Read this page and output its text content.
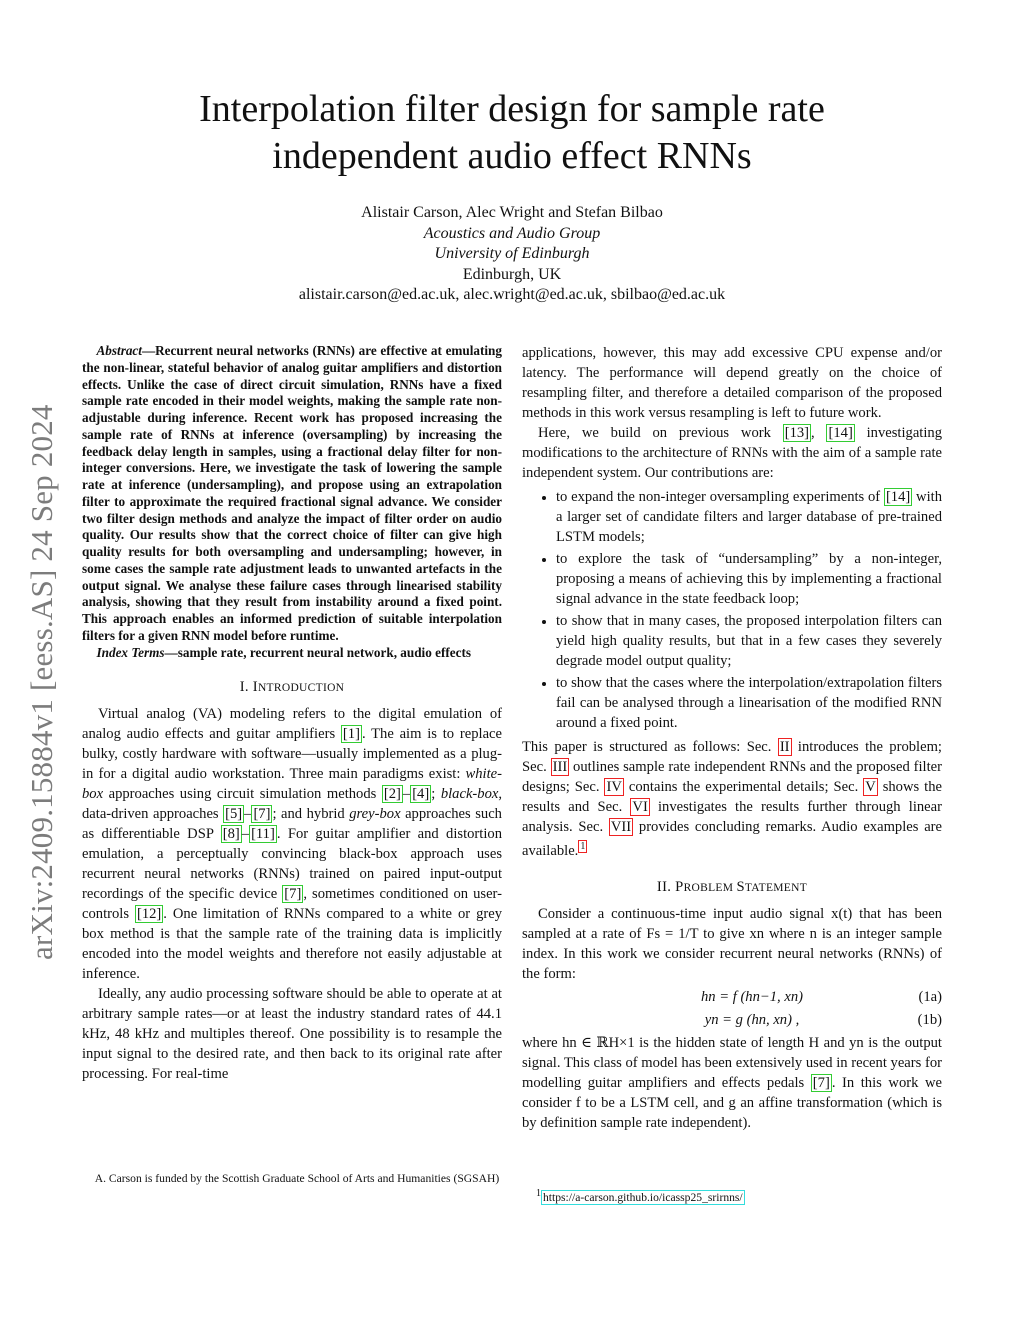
arXiv:2409.15884v1 [eess.AS] 24 Sep 2024
Interpolation filter design for sample rate
independent audio effect RNNs
Alistair Carson, Alec Wright and Stefan Bilbao
Acoustics and Audio Group
University of Edinburgh
Edinburgh, UK
alistair.carson@ed.ac.uk, alec.wright@ed.ac.uk, sbilbao@ed.ac.uk

Abstract—Recurrent neural networks (RNNs) are effective at emulating the non-linear, stateful behavior of analog guitar amplifiers and distortion effects. Unlike the case of direct circuit simulation, RNNs have a fixed sample rate encoded in their model weights, making the sample rate non-adjustable during inference. Recent work has proposed increasing the sample rate of RNNs at inference (oversampling) by increasing the feedback delay length in samples, using a fractional delay filter for non-integer conversions. Here, we investigate the task of lowering the sample rate at inference (undersampling), and propose using an extrapolation filter to approximate the required fractional signal advance. We consider two filter design methods and analyze the impact of filter order on audio quality. Our results show that the correct choice of filter can give high quality results for both oversampling and undersampling; however, in some cases the sample rate adjustment leads to unwanted artefacts in the output signal. We analyse these failure cases through linearised stability analysis, showing that they result from instability around a fixed point. This approach enables an informed prediction of suitable interpolation filters for a given RNN model before runtime.

Index Terms—sample rate, recurrent neural network, audio effects

I. INTRODUCTION

Virtual analog (VA) modeling refers to the digital emulation of analog audio effects and guitar amplifiers [1] . The aim is to replace bulky, costly hardware with software—usually implemented as a plug-in for a digital audio workstation. Three main paradigms exist: white-box approaches using circuit simulation methods [2] – [4] ; black-box, data-driven approaches [5] – [7] ; and hybrid grey-box approaches such as differentiable DSP [8] – [11] . For guitar amplifier and distortion emulation, a perceptually convincing black-box approach uses recurrent neural networks (RNNs) trained on paired input-output recordings of the specific device [7] , sometimes conditioned on user-controls [12] . One limitation of RNNs compared to a white or grey box method is that the sample rate of the training data is implicitly encoded into the model weights and therefore not easily adjustable at inference.

Ideally, any audio processing software should be able to operate at at arbitrary sample rates—or at least the industry standard rates of 44.1 kHz, 48 kHz and multiples thereof. One possibility is to resample the input signal to the desired rate, and then back to its original rate after processing. For real-time

A. Carson is funded by the Scottish Graduate School of Arts and Humanities (SGSAH)

applications, however, this may add excessive CPU expense and/or latency. The performance will depend greatly on the choice of resampling filter, and therefore a detailed comparison of the proposed methods in this work versus resampling is left to future work.

Here, we build on previous work [13] , [14] investigating modifications to the architecture of RNNs with the aim of a sample rate independent system. Our contributions are:

• to expand the non-integer oversampling experiments of [14] with a larger set of candidate filters and larger database of pre-trained LSTM models;
• to explore the task of “undersampling” by a non-integer, proposing a means of achieving this by implementing a fractional signal advance in the state feedback loop;
• to show that in many cases, the proposed interpolation filters can yield high quality results, but that in a few cases they severely degrade model output quality;
• to show that the cases where the interpolation/extrapolation filters fail can be analysed through a linearisation of the modified RNN around a fixed point.

This paper is structured as follows: Sec. II introduces the problem; Sec. III outlines sample rate independent RNNs and the proposed filter designs; Sec. IV contains the experimental details; Sec. V shows the results and Sec. VI investigates the results further through linear analysis. Sec. VII provides concluding remarks. Audio examples are available. $^1$

II. PROBLEM STATEMENT

Consider a continuous-time input audio signal x(t) that has been sampled at a rate of Fs = 1/T to give xn where n is an integer sample index. In this work we consider recurrent neural networks (RNNs) of the form:

hn = f (hn−1, xn)	(1a)
yn = g (hn, xn) ,	(1b)

where hn ∈ ℝH×1 is the hidden state of length H and yn is the output signal. This class of model has been extensively used in recent years for modelling guitar amplifiers and effects pedals [7] . In this work we consider f to be a LSTM cell, and g an affine transformation (which is by definition sample rate independent).

$^1$ https://a-carson.github.io/icassp25_srirnns/
